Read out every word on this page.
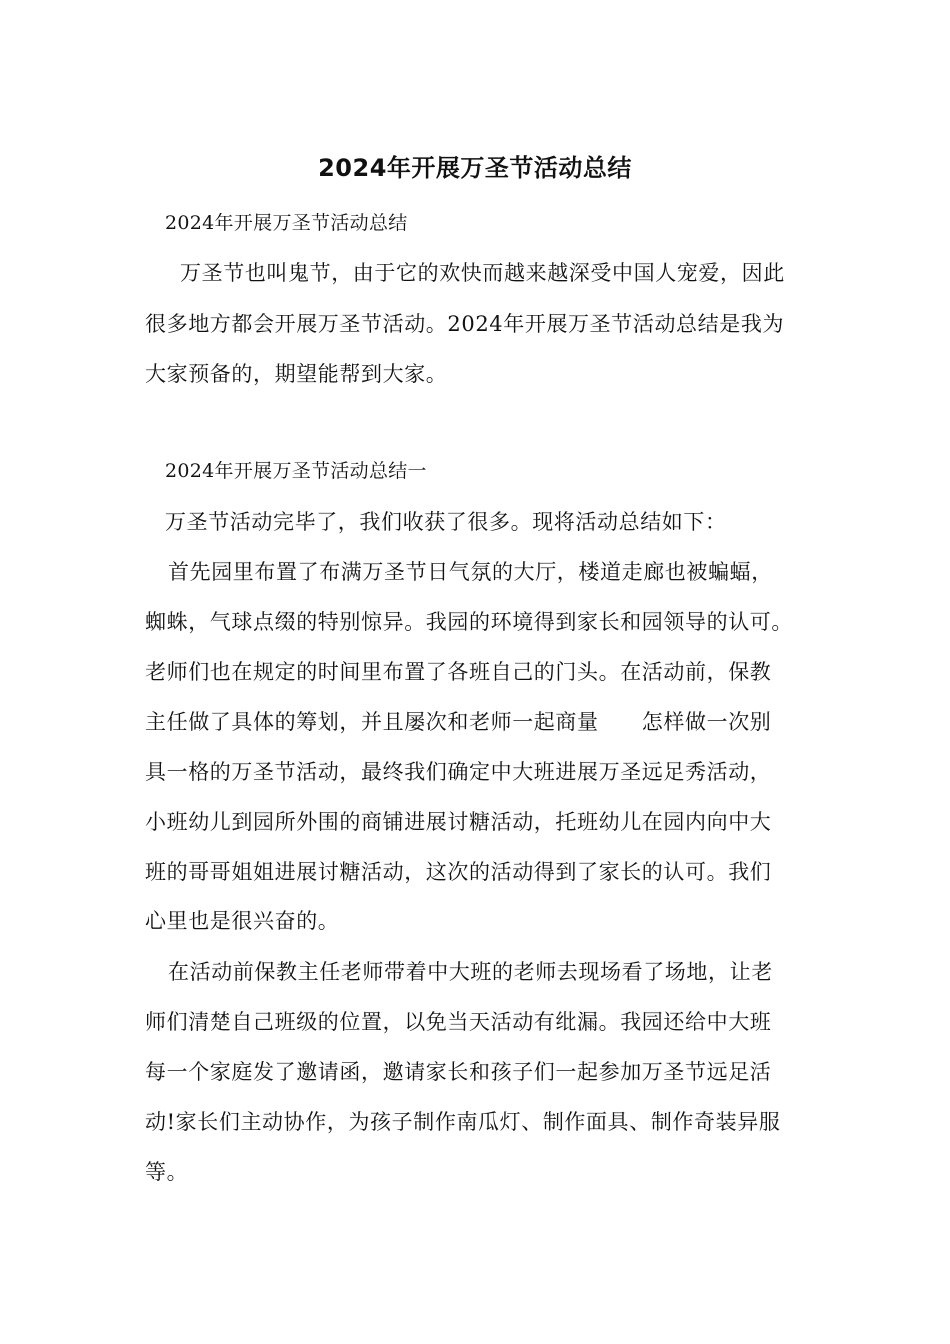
2024年开展万圣节活动总结
2024年开展万圣节活动总结
万圣节也叫鬼节，由于它的欢快而越来越深受中国人宠爱，因此
很多地方都会开展万圣节活动。2024年开展万圣节活动总结是我为
大家预备的，期望能帮到大家。
2024年开展万圣节活动总结一
万圣节活动完毕了，我们收获了很多。现将活动总结如下：
首先园里布置了布满万圣节日气氛的大厅，楼道走廊也被蝙蝠，
蜘蛛，气球点缀的特别惊异。我园的环境得到家长和园领导的认可。
老师们也在规定的时间里布置了各班自己的门头。在活动前，保教
主任做了具体的筹划，并且屡次和老师一起商量　　怎样做一次别
具一格的万圣节活动，最终我们确定中大班进展万圣远足秀活动，
小班幼儿到园所外围的商铺进展讨糖活动，托班幼儿在园内向中大
班的哥哥姐姐进展讨糖活动，这次的活动得到了家长的认可。我们
心里也是很兴奋的。
在活动前保教主任老师带着中大班的老师去现场看了场地，让老
师们清楚自己班级的位置，以免当天活动有纰漏。我园还给中大班
每一个家庭发了邀请函，邀请家长和孩子们一起参加万圣节远足活
动!家长们主动协作，为孩子制作南瓜灯、制作面具、制作奇装异服
等。
